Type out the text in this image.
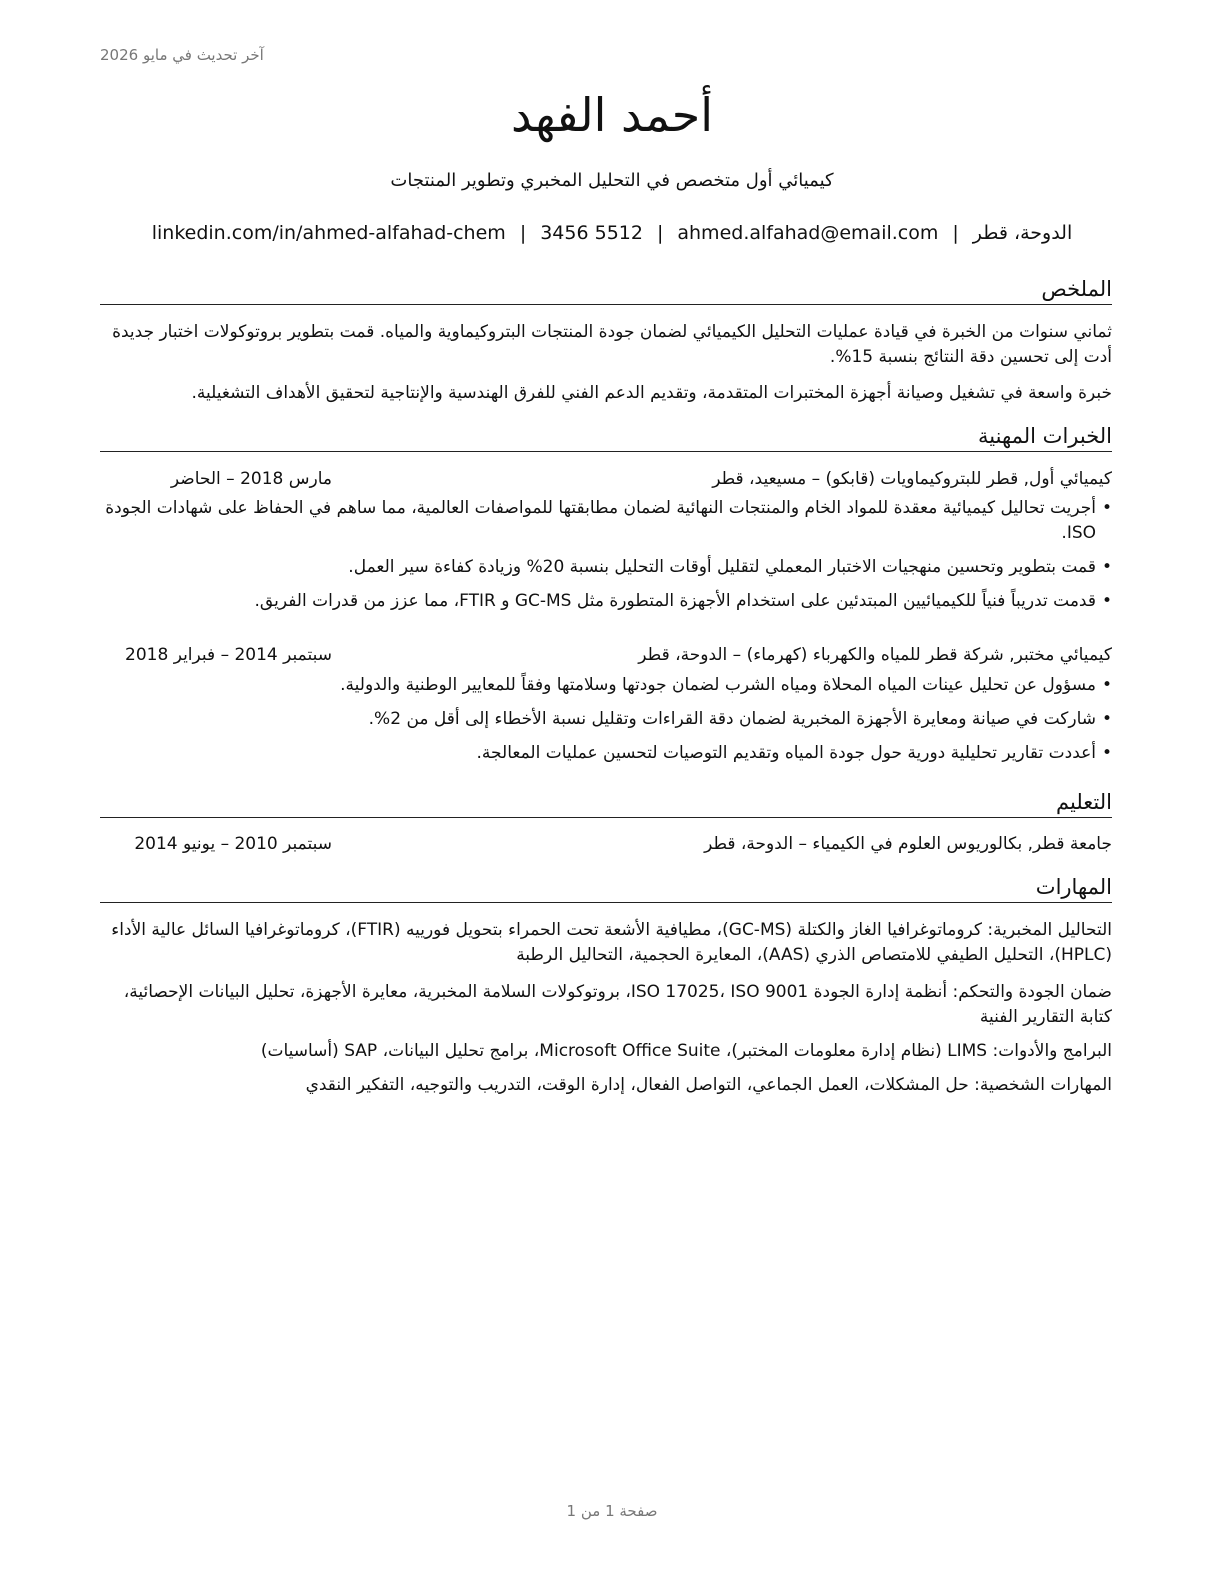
آخر تحديث في مايو 2026
أحمد الفهد
كيميائي أول متخصص في التحليل المخبري وتطوير المنتجات
الدوحة، قطر|ahmed.alfahad@email.com|3456 5512|linkedin.com/in/ahmed-alfahad-chem
الملخص
ثماني سنوات من الخبرة في قيادة عمليات التحليل الكيميائي لضمان جودة المنتجات البتروكيماوية والمياه. قمت بتطوير بروتوكولات اختبار جديدة أدت إلى تحسين دقة النتائج بنسبة 15%.
خبرة واسعة في تشغيل وصيانة أجهزة المختبرات المتقدمة، وتقديم الدعم الفني للفرق الهندسية والإنتاجية لتحقيق الأهداف التشغيلية.
الخبرات المهنية
كيميائي أول, قطر للبتروكيماويات (قابكو) – مسيعيد، قطر
مارس 2018 – الحاضر
•
أجريت تحاليل كيميائية معقدة للمواد الخام والمنتجات النهائية لضمان مطابقتها للمواصفات العالمية، مما ساهم في الحفاظ على شهادات الجودة ISO.
•
قمت بتطوير وتحسين منهجيات الاختبار المعملي لتقليل أوقات التحليل بنسبة 20% وزيادة كفاءة سير العمل.
•
قدمت تدريباً فنياً للكيميائيين المبتدئين على استخدام الأجهزة المتطورة مثل GC-MS و FTIR، مما عزز من قدرات الفريق.
كيميائي مختبر, شركة قطر للمياه والكهرباء (كهرماء) – الدوحة، قطر
سبتمبر 2014 – فبراير 2018
•
مسؤول عن تحليل عينات المياه المحلاة ومياه الشرب لضمان جودتها وسلامتها وفقاً للمعايير الوطنية والدولية.
•
شاركت في صيانة ومعايرة الأجهزة المخبرية لضمان دقة القراءات وتقليل نسبة الأخطاء إلى أقل من 2%.
•
أعددت تقارير تحليلية دورية حول جودة المياه وتقديم التوصيات لتحسين عمليات المعالجة.
التعليم
جامعة قطر, بكالوريوس العلوم في الكيمياء – الدوحة، قطر
سبتمبر 2010 – يونيو 2014
المهارات
التحاليل المخبرية: كروماتوغرافيا الغاز والكتلة (GC-MS)، مطيافية الأشعة تحت الحمراء بتحويل فورييه (FTIR)، كروماتوغرافيا السائل عالية الأداء (HPLC)، التحليل الطيفي للامتصاص الذري (AAS)، المعايرة الحجمية، التحاليل الرطبة
ضمان الجودة والتحكم: أنظمة إدارة الجودة ISO 17025، ISO 9001، بروتوكولات السلامة المخبرية، معايرة الأجهزة، تحليل البيانات الإحصائية، كتابة التقارير الفنية
البرامج والأدوات: LIMS (نظام إدارة معلومات المختبر)، Microsoft Office Suite، برامج تحليل البيانات، SAP (أساسيات)
المهارات الشخصية: حل المشكلات، العمل الجماعي، التواصل الفعال، إدارة الوقت، التدريب والتوجيه، التفكير النقدي
صفحة 1 من 1
